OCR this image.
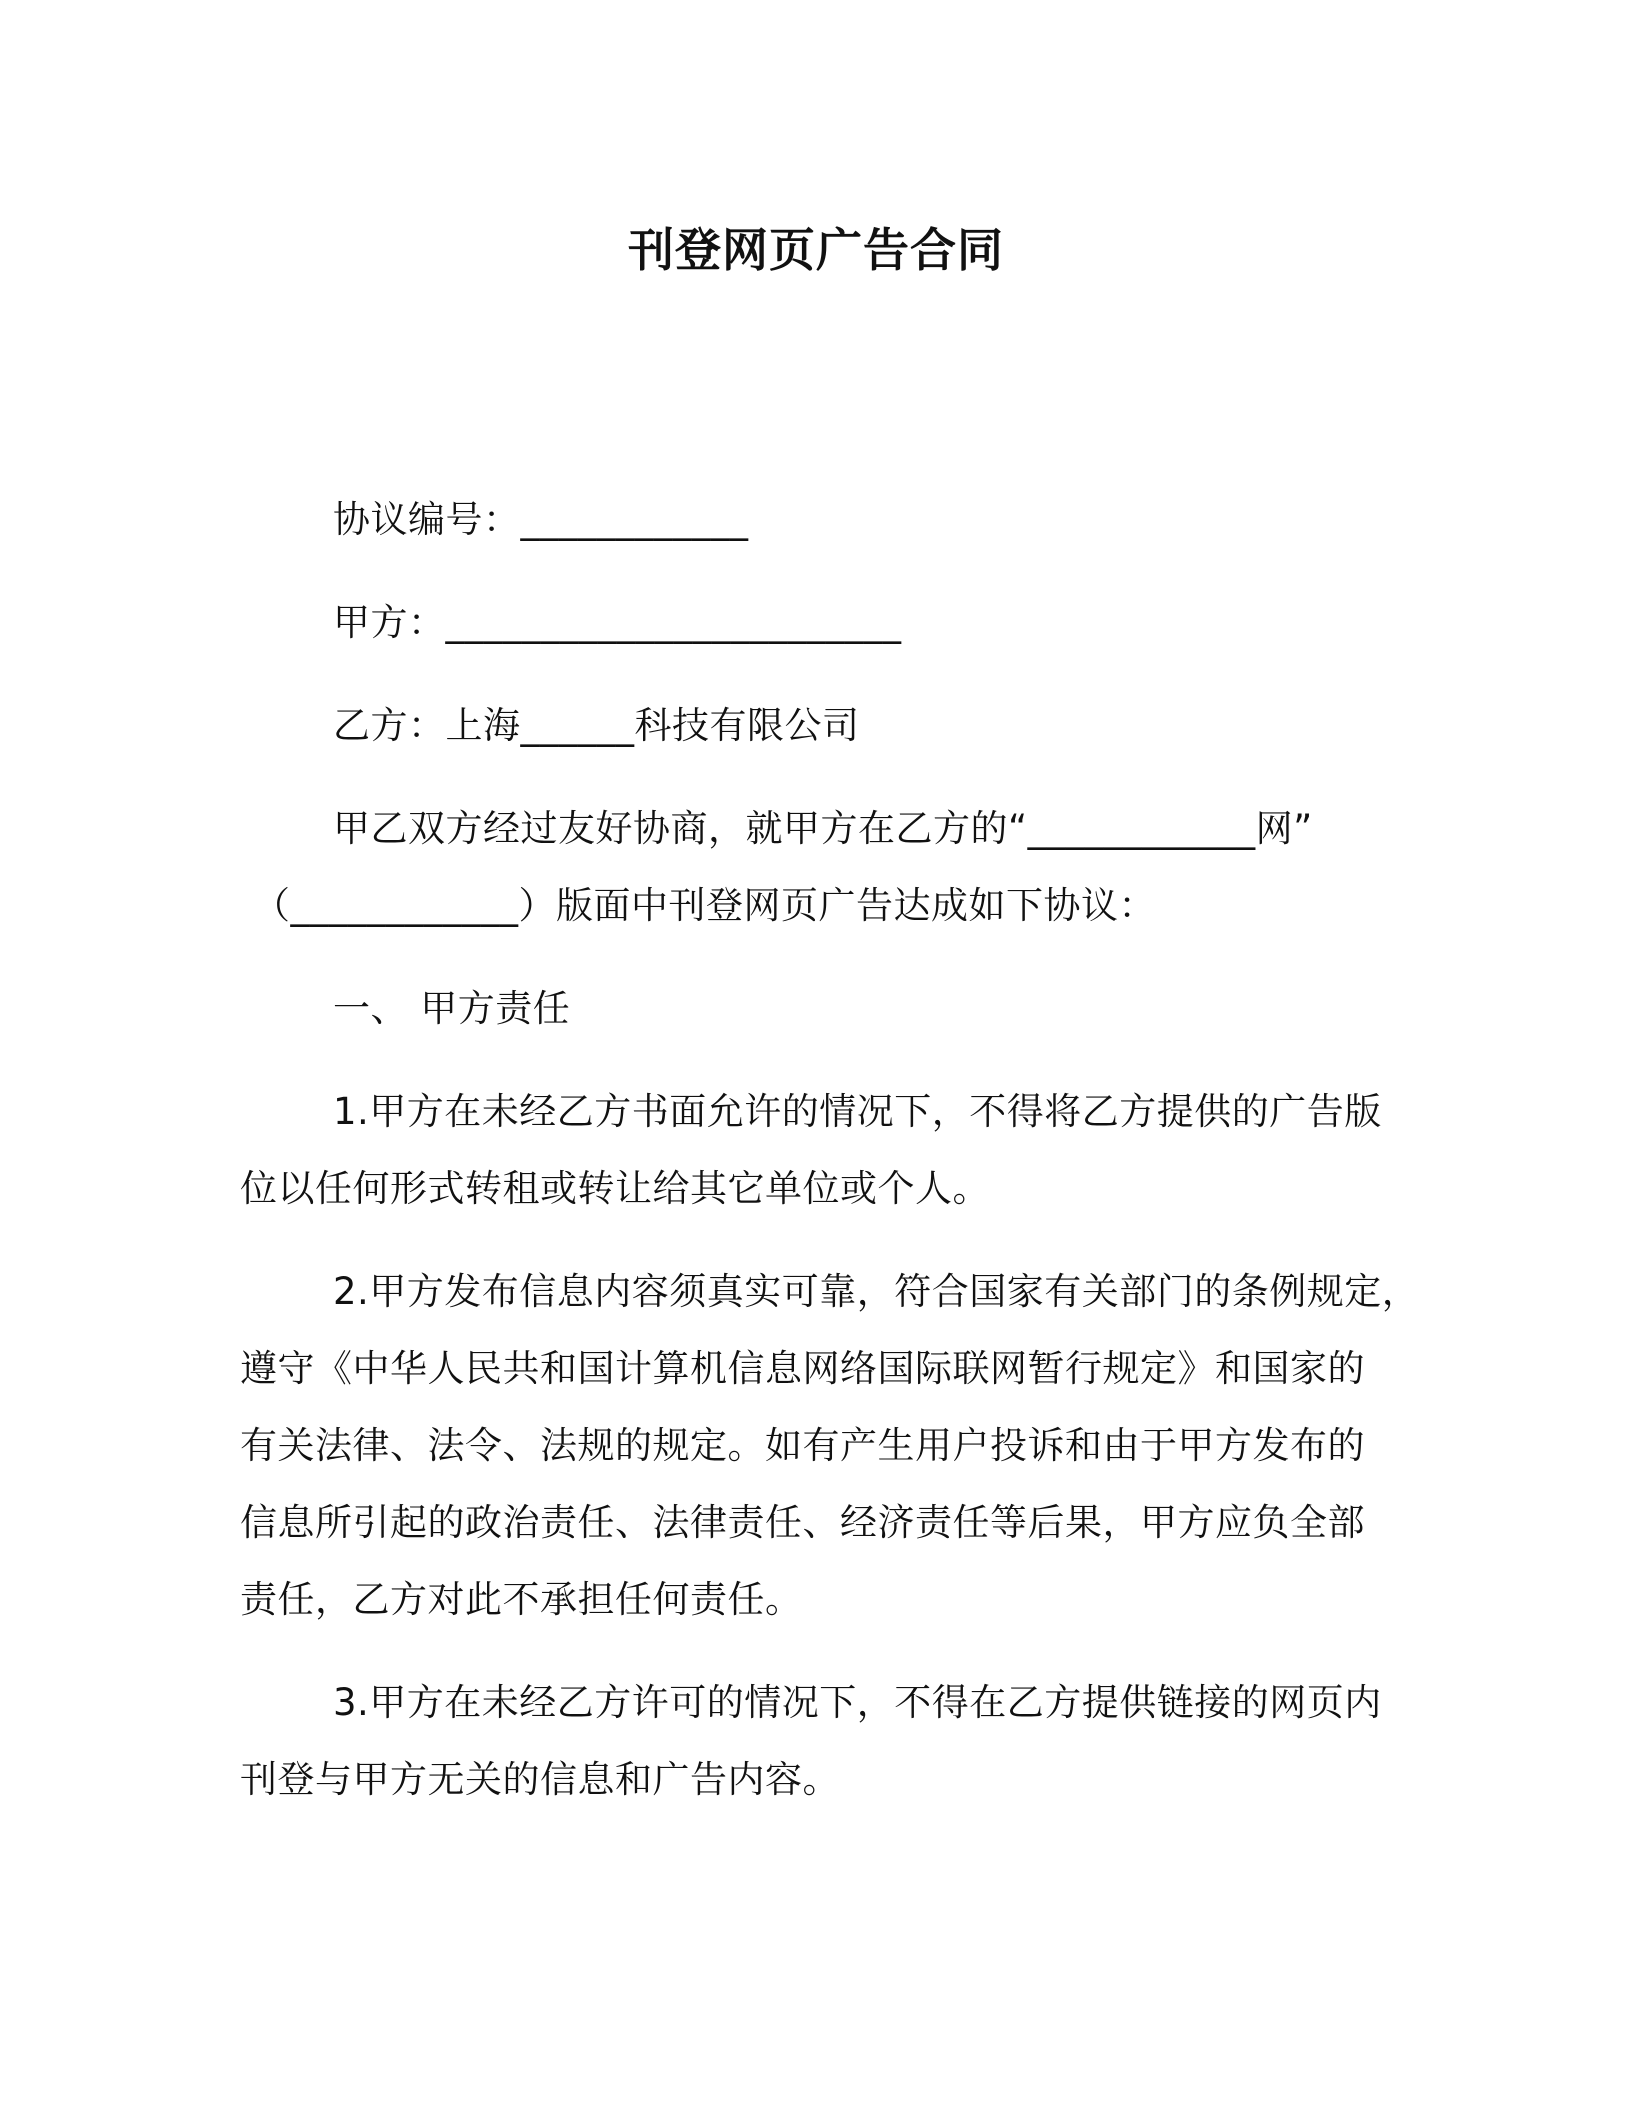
刊登网页广告合同
协议编号：____________
甲方：________________________
乙方：上海______科技有限公司
甲乙双方经过友好协商，就甲方在乙方的“____________网”
（____________）版面中刊登网页广告达成如下协议：
一、 甲方责任
1.甲方在未经乙方书面允许的情况下，不得将乙方提供的广告版
位以任何形式转租或转让给其它单位或个人。
2.甲方发布信息内容须真实可靠，符合国家有关部门的条例规定，
遵守《中华人民共和国计算机信息网络国际联网暂行规定》和国家的
有关法律、法令、法规的规定。如有产生用户投诉和由于甲方发布的
信息所引起的政治责任、法律责任、经济责任等后果，甲方应负全部
责任，乙方对此不承担任何责任。
3.甲方在未经乙方许可的情况下，不得在乙方提供链接的网页内
刊登与甲方无关的信息和广告内容。
